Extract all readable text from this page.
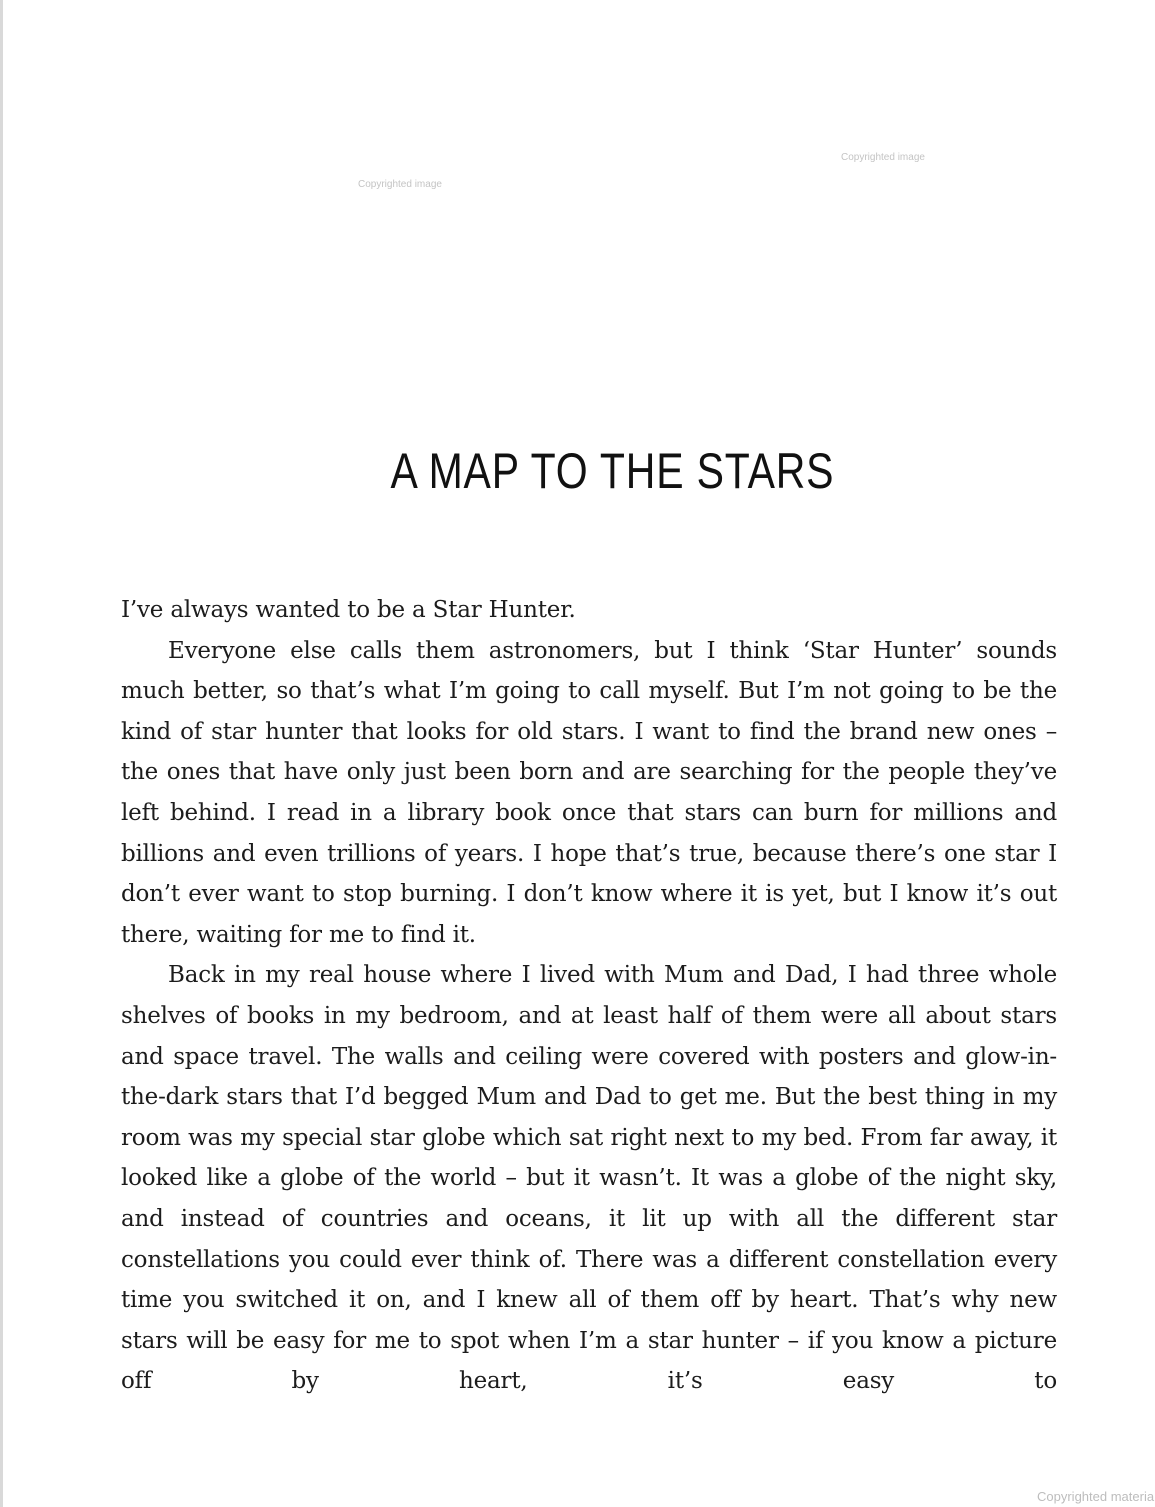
Copyrighted image
Copyrighted image
A MAP TO THE STARS

I’ve always wanted to be a Star Hunter.

Everyone else calls them astronomers, but I think ‘Star Hunter’ sounds much better, so that’s what I’m going to call myself. But I’m not going to be the kind of star hunter that looks for old stars. I want to find the brand new ones – the ones that have only just been born and are searching for the people they’ve left behind. I read in a library book once that stars can burn for millions and billions and even trillions of years. I hope that’s true, because there’s one star I don’t ever want to stop burning. I don’t know where it is yet, but I know it’s out there, waiting for me to find it.

Back in my real house where I lived with Mum and Dad, I had three whole shelves of books in my bedroom, and at least half of them were all about stars and space travel. The walls and ceiling were covered with posters and glow-in-the-dark stars that I’d begged Mum and Dad to get me. But the best thing in my room was my special star globe which sat right next to my bed. From far away, it looked like a globe of the world – but it wasn’t. It was a globe of the night sky, and instead of countries and oceans, it lit up with all the different star constellations you could ever think of. There was a different constellation every time you switched it on, and I knew all of them off by heart. That’s why new stars will be easy for me to spot when I’m a star hunter – if you know a picture off by heart, it’s easy to

Copyrighted materia
